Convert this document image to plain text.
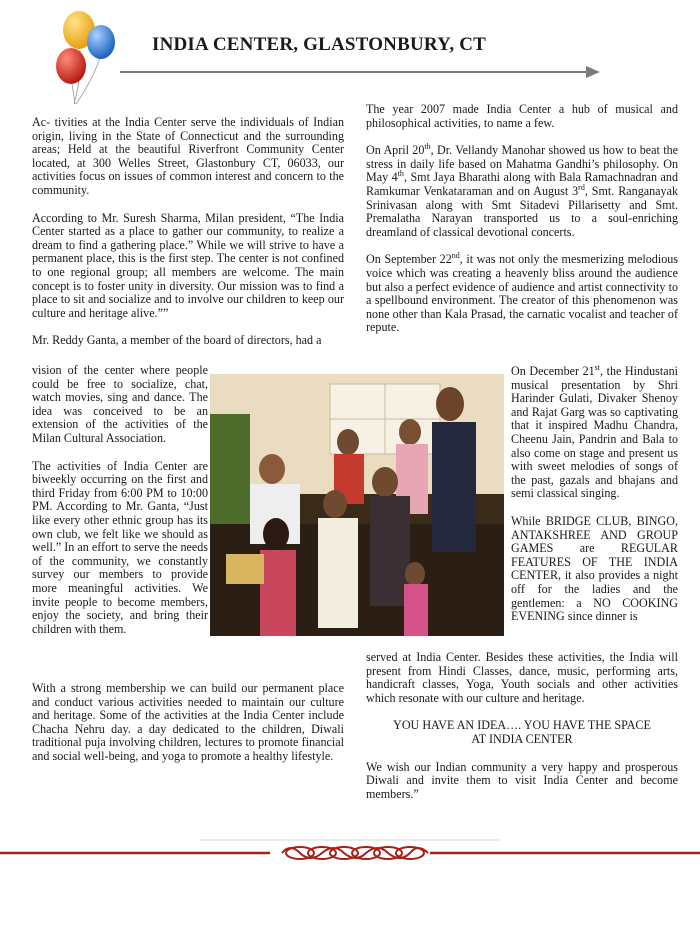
INDIA CENTER, GLASTONBURY, CT

Ac- tivities at the India Center serve the individuals of Indian origin, living in the State of Connecticut and the surrounding areas; Held at the beautiful Riverfront Community Center located, at 300 Welles Street, Glastonbury CT, 06033, our activities focus on issues of common interest and concern to the community.

According to Mr. Suresh Sharma, Milan president, “The India Center started as a place to gather our community, to realize a dream to find a gathering place.” While we will strive to have a permanent place, this is the first step. The center is not confined to one regional group; all members are welcome. The main concept is to foster unity in diversity. Our mission was to find a place to sit and socialize and to involve our children to keep our culture and heritage alive.””

Mr. Reddy Ganta, a member of the board of directors, had a

vision of the center where people could be free to socialize, chat, watch movies, sing and dance. The idea was conceived to be an extension of the activities of the Milan Cultural Association.

The activities of India Center are biweekly occurring on the first and third Friday from 6:00 PM to 10:00 PM. According to Mr. Ganta, “Just like every other ethnic group has its own club, we felt like we should as well.” In an effort to serve the needs of the community, we constantly survey our members to provide more meaningful activities. We invite people to become members, enjoy the society, and bring their children with them.

With a strong membership we can build our permanent place and conduct various activities needed to maintain our culture and heritage. Some of the activities at the India Center include Chacha Nehru day. a day dedicated to the children, Diwali traditional puja involving children, lectures to promote financial and social well-being, and yoga to promote a healthy lifestyle.

The year 2007 made India Center a hub of musical and philosophical activities, to name a few.

On April 20th, Dr. Vellandy Manohar showed us how to beat the stress in daily life based on Mahatma Gandhi’s philosophy. On May 4th, Smt Jaya Bharathi along with Bala Ramachnadran and Ramkumar Venkataraman and on August 3rd, Smt. Ranganayak Srinivasan along with Smt Sitadevi Pillarisetty and Smt. Premalatha Narayan transported us to a soul-enriching dreamland of classical devotional concerts.

On September 22nd, it was not only the mesmerizing melodious voice which was creating a heavenly bliss around the audience but also a perfect evidence of audience and artist connectivity to a spellbound environment. The creator of this phenomenon was none other than Kala Prasad, the carnatic vocalist and teacher of repute.

On December 21st, the Hindustani musical presentation by Shri Harinder Gulati, Divaker Shenoy and Rajat Garg was so captivating that it inspired Madhu Chandra, Cheenu Jain, Pandrin and Bala to also come on stage and present us with sweet melodies of songs of the past, gazals and bhajans and semi classical singing.

While BRIDGE CLUB, BINGO, ANTAKSHREE AND GROUP GAMES are REGULAR FEATURES OF THE INDIA CENTER, it also provides a night off for the ladies and the gentlemen: a NO COOKING EVENING since dinner is

served at India Center. Besides these activities, the India will present from Hindi Classes, dance, music, performing arts, handicraft classes, Yoga, Youth socials and other activities which resonate with our culture and heritage.

YOU HAVE AN IDEA…. YOU HAVE THE SPACE
AT INDIA CENTER

We wish our Indian community a very happy and prosperous Diwali and invite them to visit India Center and become members.”
